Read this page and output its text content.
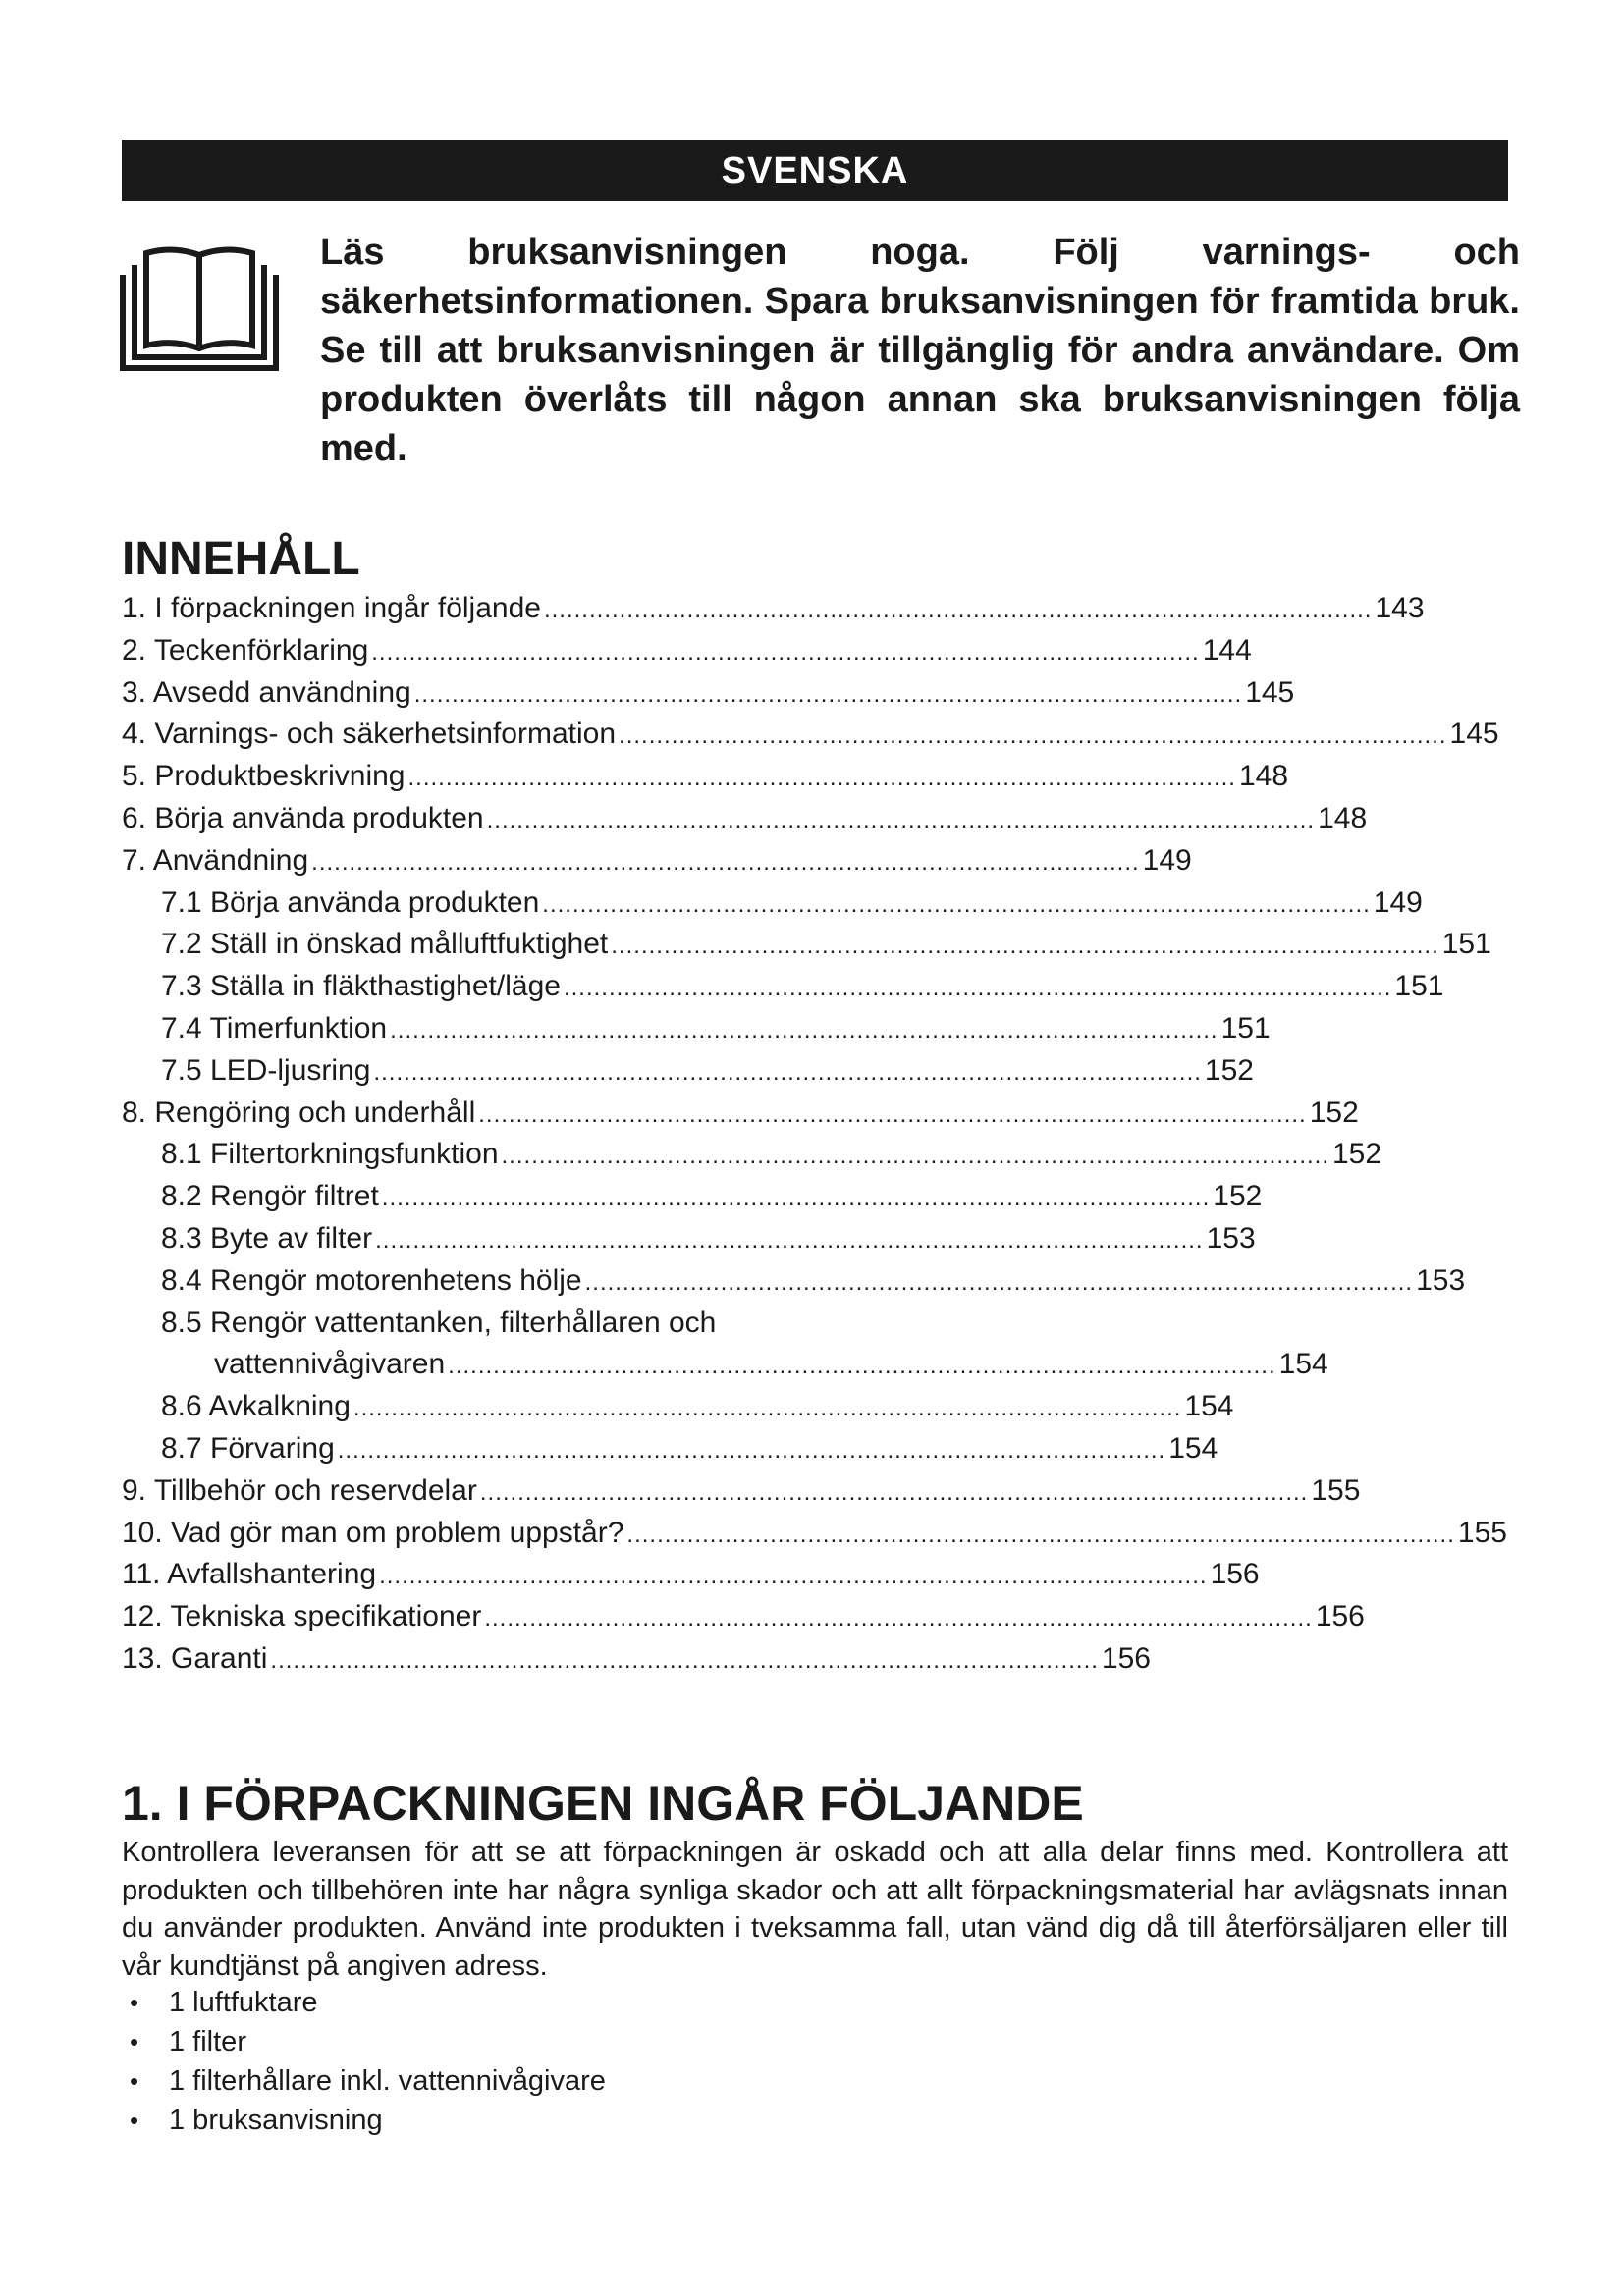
SVENSKA
Läs bruksanvisningen noga. Följ varnings- och säkerhetsinformationen. Spara bruksanvisningen för framtida bruk. Se till att bruksanvisningen är tillgänglig för andra användare. Om produkten överlåts till någon annan ska bruksanvisningen följa med.
INNEHÅLL
1. I förpackningen ingår följande .............................................................................................................. 143
2. Teckenförklaring .............................................................................................................. 144
3. Avsedd användning .............................................................................................................. 145
4. Varnings- och säkerhetsinformation .............................................................................................................. 145
5. Produktbeskrivning .............................................................................................................. 148
6. Börja använda produkten .............................................................................................................. 148
7. Användning .............................................................................................................. 149
7.1 Börja använda produkten .............................................................................................................. 149
7.2 Ställ in önskad målluftfuktighet .............................................................................................................. 151
7.3 Ställa in fläkthastighet/läge .............................................................................................................. 151
7.4 Timerfunktion .............................................................................................................. 151
7.5 LED-ljusring .............................................................................................................. 152
8. Rengöring och underhåll .............................................................................................................. 152
8.1 Filtertorkningsfunktion .............................................................................................................. 152
8.2 Rengör filtret .............................................................................................................. 152
8.3 Byte av filter .............................................................................................................. 153
8.4 Rengör motorenhetens hölje .............................................................................................................. 153
8.5 Rengör vattentanken, filterhållaren och
vattennivågivaren .............................................................................................................. 154
8.6 Avkalkning .............................................................................................................. 154
8.7 Förvaring .............................................................................................................. 154
9. Tillbehör och reservdelar .............................................................................................................. 155
10. Vad gör man om problem uppstår? .............................................................................................................. 155
11. Avfallshantering .............................................................................................................. 156
12. Tekniska specifikationer .............................................................................................................. 156
13. Garanti .............................................................................................................. 156
1. I FÖRPACKNINGEN INGÅR FÖLJANDE

Kontrollera leveransen för att se att förpackningen är oskadd och att alla delar finns med. Kontrollera att produkten och tillbehören inte har några synliga skador och att allt förpackningsmaterial har avlägsnats innan du använder produkten. Använd inte produkten i tveksamma fall, utan vänd dig då till återförsäljaren eller till vår kundtjänst på angiven adress.

•	1 luftfuktare
•	1 filter
•	1 filterhållare inkl. vattennivågivare
•	1 bruksanvisning
